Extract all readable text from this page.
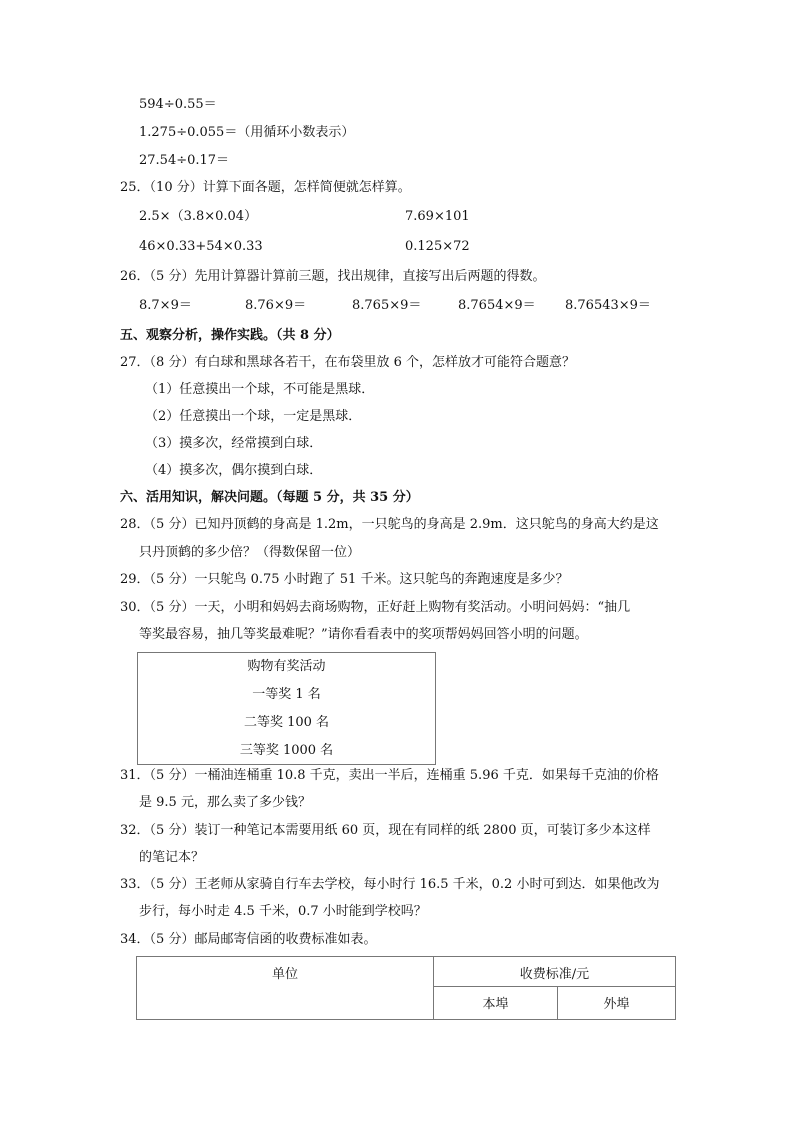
594÷0.55＝
1.275÷0.055＝（用循环小数表示）
27.54÷0.17＝
25．（10 分）计算下面各题，怎样简便就怎样算。
2.5×（3.8×0.04）	7.69×101
46×0.33+54×0.33	0.125×72
26．（5 分）先用计算器计算前三题，找出规律，直接写出后两题的得数。
8.7×9＝	8.76×9＝	8.765×9＝	8.7654×9＝ 8.76543×9＝
五、观察分析，操作实践。（共 8 分）
27．（8 分）有白球和黑球各若干，在布袋里放 6 个，怎样放才可能符合题意？
（1）任意摸出一个球，不可能是黑球．
（2）任意摸出一个球，一定是黑球．
（3）摸多次，经常摸到白球．
（4）摸多次，偶尔摸到白球．
六、活用知识，解决问题。（每题 5 分，共 35 分）
28．（5 分）已知丹顶鹤的身高是 1.2m，一只鸵鸟的身高是 2.9m．这只鸵鸟的身高大约是这
只丹顶鹤的多少倍？（得数保留一位）
29．（5 分）一只鸵鸟 0.75 小时跑了 51 千米。这只鸵鸟的奔跑速度是多少？
30．（5 分）一天，小明和妈妈去商场购物，正好赶上购物有奖活动。小明问妈妈：“抽几
等奖最容易，抽几等奖最难呢？”请你看看表中的奖项帮妈妈回答小明的问题。
购物有奖活动
一等奖 1 名
二等奖 100 名
三等奖 1000 名
31．（5 分）一桶油连桶重 10.8 千克，卖出一半后，连桶重 5.96 千克．如果每千克油的价格
是 9.5 元，那么卖了多少钱？
32．（5 分）装订一种笔记本需要用纸 60 页，现在有同样的纸 2800 页，可装订多少本这样
的笔记本？
33．（5 分）王老师从家骑自行车去学校，每小时行 16.5 千米，0.2 小时可到达．如果他改为
步行，每小时走 4.5 千米，0.7 小时能到学校吗？
34．（5 分）邮局邮寄信函的收费标准如表。
单位	收费标准/元	
	本埠	外埠
